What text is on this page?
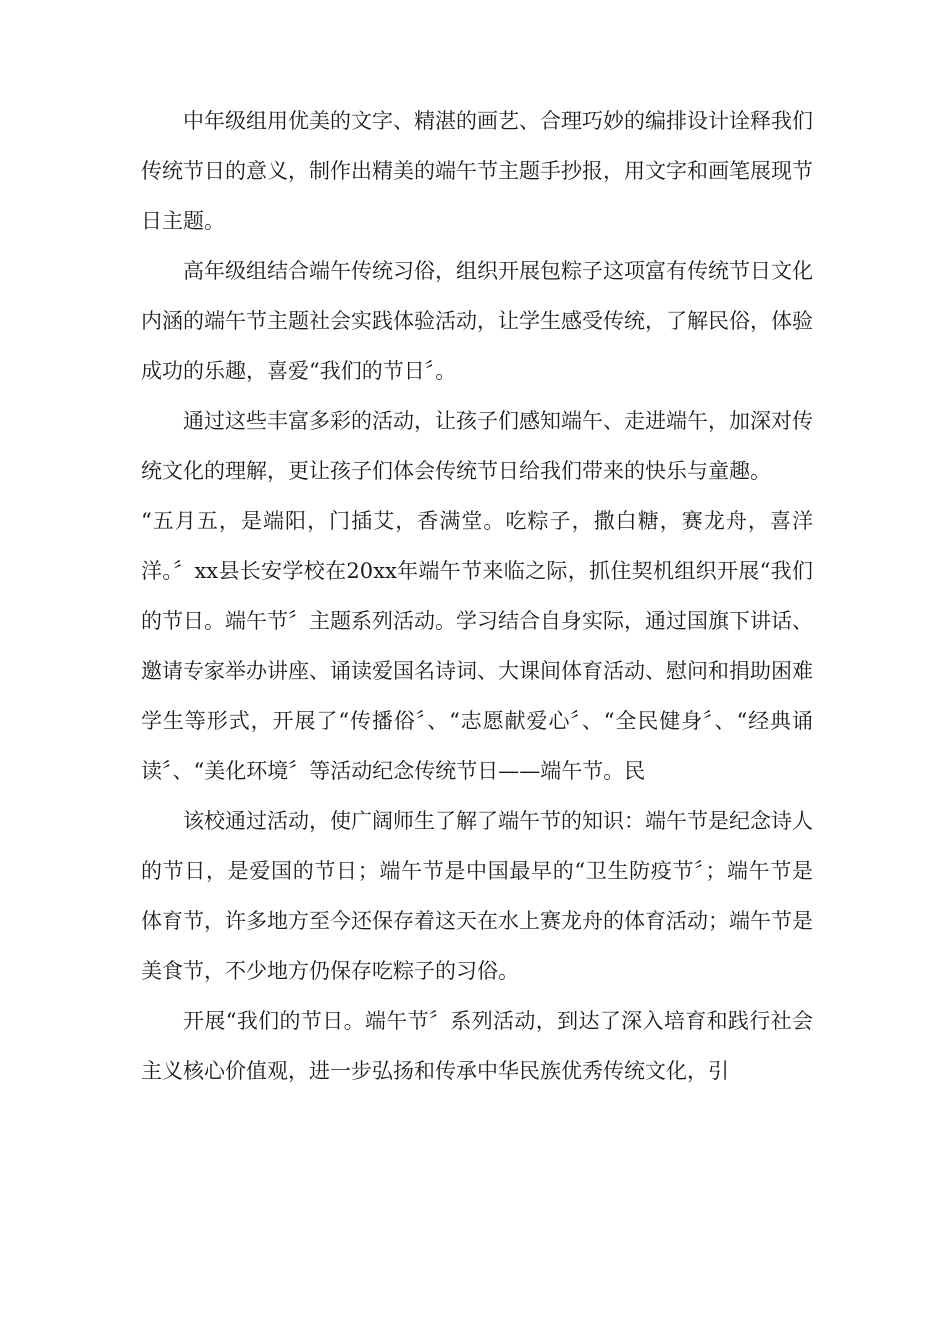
中年级组用优美的文字、精湛的画艺、合理巧妙的编排设计诠释我们传统节日的意义，制作出精美的端午节主题手抄报，用文字和画笔展现节日主题。

高年级组结合端午传统习俗，组织开展包粽子这项富有传统节日文化内涵的端午节主题社会实践体验活动，让学生感受传统，了解民俗，体验成功的乐趣，喜爱“我们的节日〞。

通过这些丰富多彩的活动，让孩子们感知端午、走进端午，加深对传统文化的理解，更让孩子们体会传统节日给我们带来的快乐与童趣。

“五月五，是端阳，门插艾，香满堂。吃粽子，撒白糖，赛龙舟，喜洋洋。〞xx县长安学校在20xx年端午节来临之际，抓住契机组织开展“我们的节日。端午节〞主题系列活动。学习结合自身实际，通过国旗下讲话、邀请专家举办讲座、诵读爱国名诗词、大课间体育活动、慰问和捐助困难学生等形式，开展了“传播俗〞、“志愿献爱心〞、“全民健身〞、“经典诵读〞、“美化环境〞等活动纪念传统节日——端午节。民

该校通过活动，使广阔师生了解了端午节的知识：端午节是纪念诗人的节日，是爱国的节日；端午节是中国最早的“卫生防疫节〞；端午节是体育节，许多地方至今还保存着这天在水上赛龙舟的体育活动；端午节是美食节，不少地方仍保存吃粽子的习俗。

开展“我们的节日。端午节〞系列活动，到达了深入培育和践行社会主义核心价值观，进一步弘扬和传承中华民族优秀传统文化，引
